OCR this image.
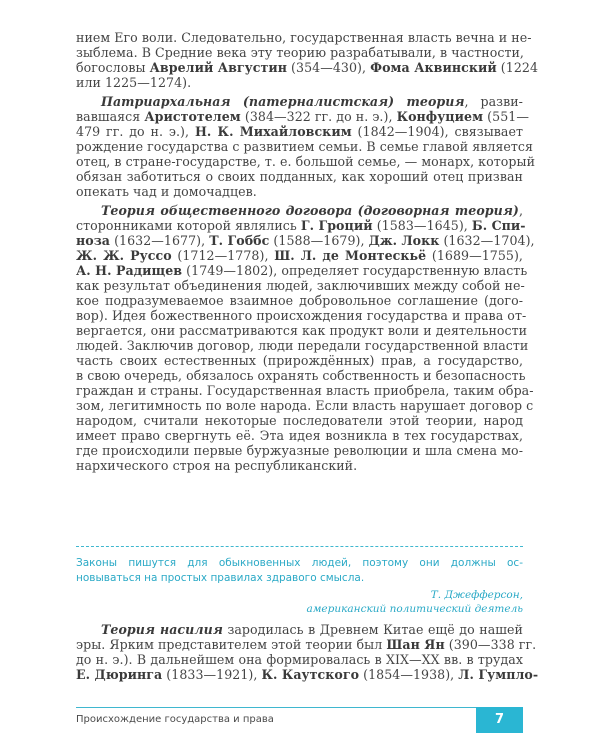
нием Его воли. Следовательно, государственная власть вечна и не-
зыблема. В Средние века эту теорию разрабатывали, в частности,
богословы Аврелий Августин (354—430), Фома Аквинский (1224
или 1225—1274).
Патриархальная (патерналистская) теория, разви-
вавшаяся Аристотелем (384—322 гг. до н. э.), Конфуцием (551—
479 гг. до н. э.), Н. К. Михайловским (1842—1904), связывает
рождение государства с развитием семьи. В семье главой является
отец, в стране-государстве, т. е. большой семье, — монарх, который
обязан заботиться о своих подданных, как хороший отец призван
опекать чад и домочадцев.
Теория общественного договора (договорная теория),
сторонниками которой являлись Г. Гроций (1583—1645), Б. Спи-
ноза (1632—1677), Т. Гоббс (1588—1679), Дж. Локк (1632—1704),
Ж. Ж. Руссо (1712—1778), Ш. Л. де Монтескьё (1689—1755),
А. Н. Радищев (1749—1802), определяет государственную власть
как результат объединения людей, заключивших между собой не-
кое подразумеваемое взаимное добровольное соглашение (дого-
вор). Идея божественного происхождения государства и права от-
вергается, они рассматриваются как продукт воли и деятельности
людей. Заключив договор, люди передали государственной власти
часть своих естественных (прирождённых) прав, а государство,
в свою очередь, обязалось охранять собственность и безопасность
граждан и страны. Государственная власть приобрела, таким обра-
зом, легитимность по воле народа. Если власть нарушает договор с
народом, считали некоторые последователи этой теории, народ
имеет право свергнуть её. Эта идея возникла в тех государствах,
где происходили первые буржуазные революции и шла смена мо-
нархического строя на республиканский.
Теория насилия зародилась в Древнем Китае ещё до нашей
эры. Ярким представителем этой теории был Шан Ян (390—338 гг.
до н. э.). В дальнейшем она формировалась в XIX—XX вв. в трудах
Е. Дюринга (1833—1921), К. Каутского (1854—1938), Л. Гумпло-
Законы пишутся для обыкновенных людей, поэтому они должны ос-
новываться на простых правилах здравого смысла.
Т. Джефферсон,
американский политический деятель
Происхождение государства и права	7
